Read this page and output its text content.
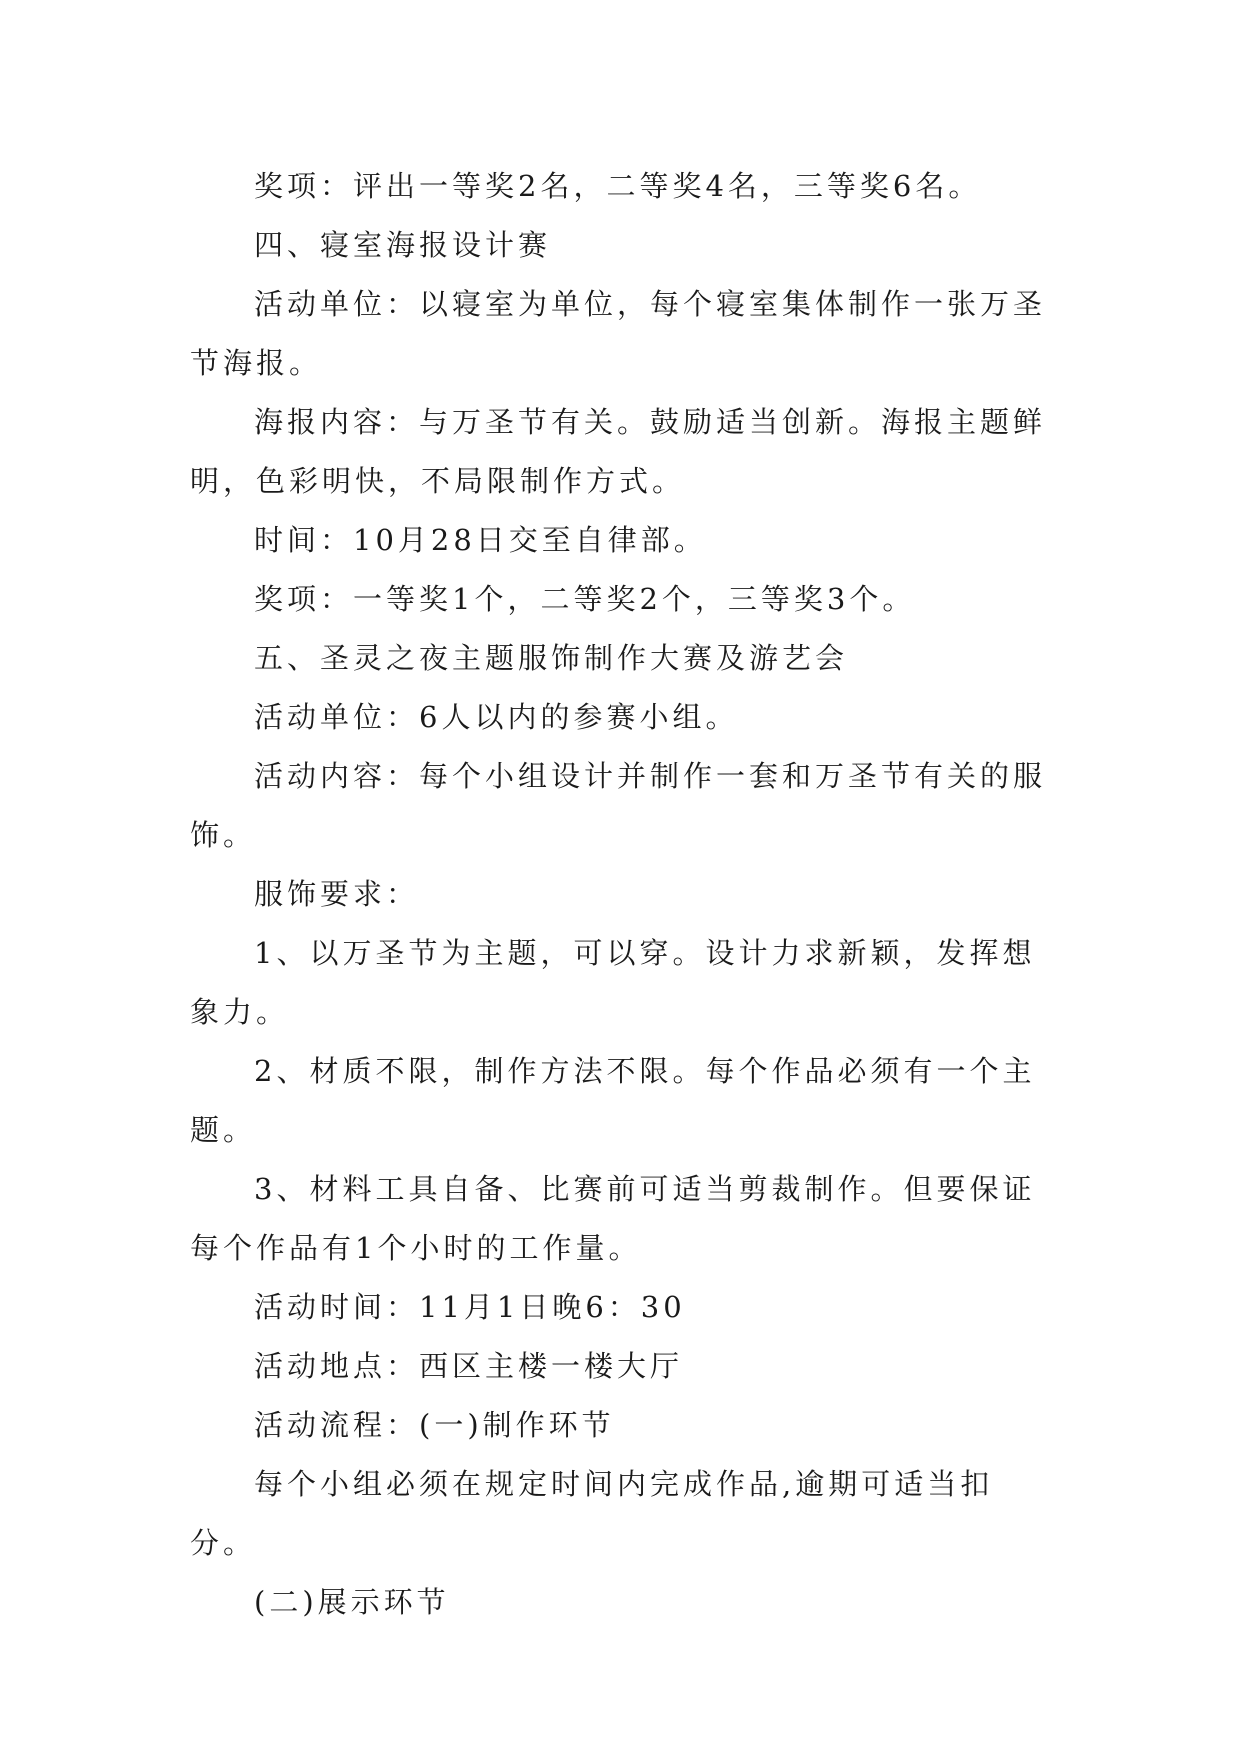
奖项：评出一等奖2名，二等奖4名，三等奖6名。

四、寝室海报设计赛

活动单位：以寝室为单位，每个寝室集体制作一张万圣节海报。

海报内容：与万圣节有关。鼓励适当创新。海报主题鲜明，色彩明快，不局限制作方式。

时间：10月28日交至自律部。

奖项：一等奖1个，二等奖2个，三等奖3个。

五、圣灵之夜主题服饰制作大赛及游艺会

活动单位：6人以内的参赛小组。

活动内容：每个小组设计并制作一套和万圣节有关的服饰。

服饰要求：

1、以万圣节为主题，可以穿。设计力求新颖，发挥想象力。

2、材质不限，制作方法不限。每个作品必须有一个主题。

3、材料工具自备、比赛前可适当剪裁制作。但要保证每个作品有1个小时的工作量。

活动时间：11月1日晚6：30

活动地点：西区主楼一楼大厅

活动流程：(一)制作环节

每个小组必须在规定时间内完成作品,逾期可适当扣分。

(二)展示环节
